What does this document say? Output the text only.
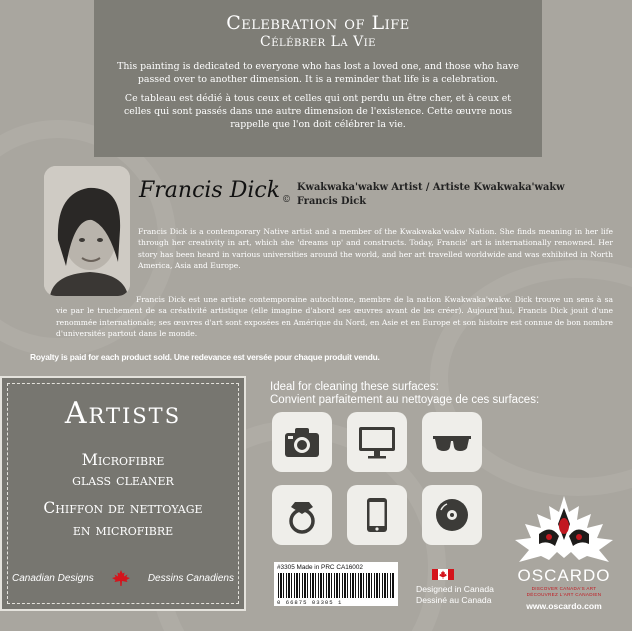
Celebration of Life
Célébrer La Vie

This painting is dedicated to everyone who has lost a loved one, and those who have passed over to another dimension. It is a reminder that life is a celebration.

Ce tableau est dédié à tous ceux et celles qui ont perdu un être cher, et à ceux et celles qui sont passés dans une autre dimension de l'existence. Cette œuvre nous rappelle que l'on doit célébrer la vie.

Francis Dick ©
Kwakwaka'wakw Artist / Artiste Kwakwaka'wakw
Francis Dick

Francis Dick is a contemporary Native artist and a member of the Kwakwaka'wakw Nation. She finds meaning in her life through her creativity in art, which she 'dreams up' and constructs. Today, Francis' art is internationally renowned. Her story has been heard in various universities around the world, and her art travelled worldwide and was exhibited in North America, Asia and Europe.

Francis Dick est une artiste contemporaine autochtone, membre de la nation Kwakwaka'wakw. Dick trouve un sens à sa vie par le truchement de sa créativité artistique (elle imagine d'abord ses œuvres avant de les créer). Aujourd'hui, Francis Dick jouit d'une renommée internationale; ses œuvres d'art sont exposées en Amérique du Nord, en Asie et en Europe et son histoire est connue de bon nombre d'universités partout dans le monde.

Royalty is paid for each product sold. Une redevance est versée pour chaque produit vendu.
Artists
Microfibre
glass cleaner
Chiffon de nettoyage
en microfibre
Canadian Designs	Dessins Canadiens
Ideal for cleaning these surfaces:
Convient parfaitement au nettoyage de ces surfaces:
#3305 Made in PRC CA16002
0 66875 03305 1
Designed in Canada
Dessiné au Canada
OSCARDO
DISCOVER CANADA'S ART
DÉCOUVREZ L'ART CANADIEN
www.oscardo.com
